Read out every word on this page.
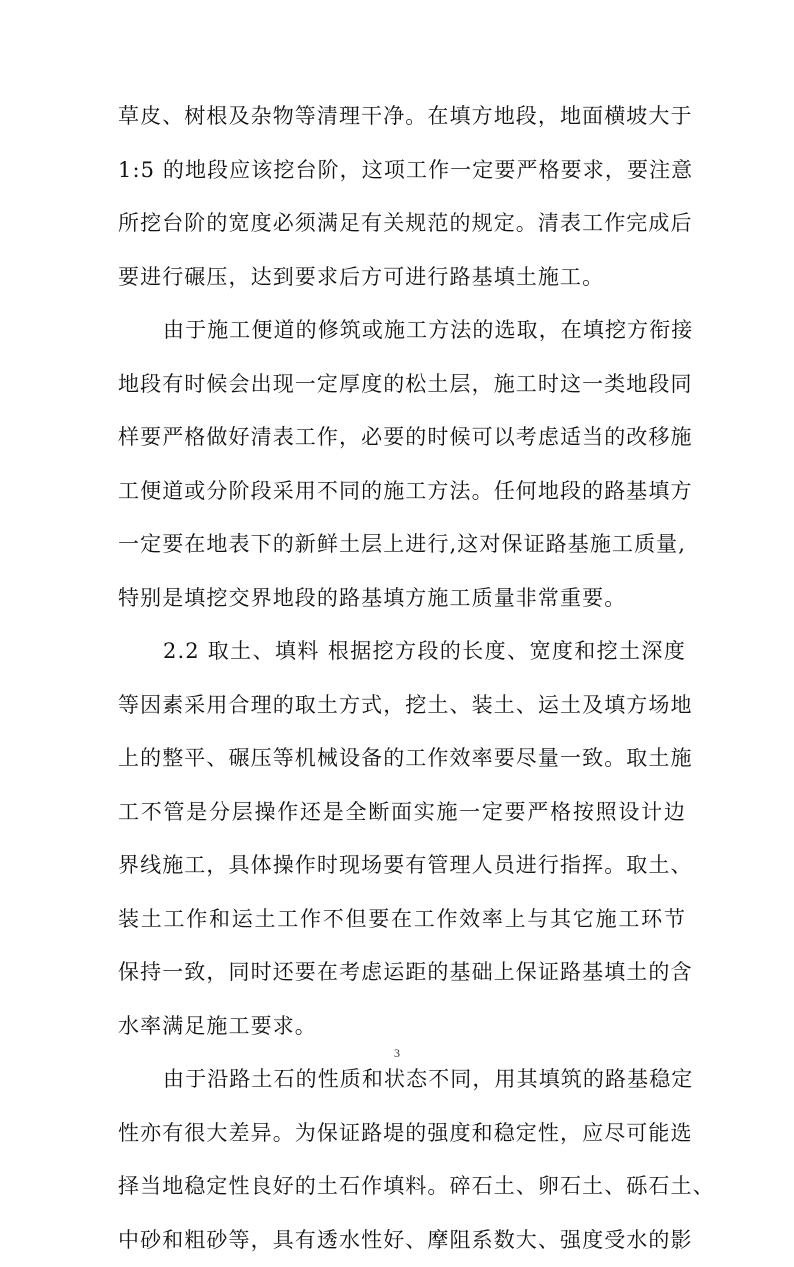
草皮、树根及杂物等清理干净。在填方地段，地面横坡大于
1:5 的地段应该挖台阶，这项工作一定要严格要求，要注意
所挖台阶的宽度必须满足有关规范的规定。清表工作完成后
要进行碾压，达到要求后方可进行路基填土施工。
由于施工便道的修筑或施工方法的选取，在填挖方衔接
地段有时候会出现一定厚度的松土层，施工时这一类地段同
样要严格做好清表工作，必要的时候可以考虑适当的改移施
工便道或分阶段采用不同的施工方法。任何地段的路基填方
一定要在地表下的新鲜土层上进行,这对保证路基施工质量,
特别是填挖交界地段的路基填方施工质量非常重要。
2.2 取土、填料 根据挖方段的长度、宽度和挖土深度
等因素采用合理的取土方式，挖土、装土、运土及填方场地
上的整平、碾压等机械设备的工作效率要尽量一致。取土施
工不管是分层操作还是全断面实施一定要严格按照设计边
界线施工，具体操作时现场要有管理人员进行指挥。取土、
装土工作和运土工作不但要在工作效率上与其它施工环节
保持一致，同时还要在考虑运距的基础上保证路基填土的含
水率满足施工要求。
由于沿路土石的性质和状态不同，用其填筑的路基稳定
性亦有很大差异。为保证路堤的强度和稳定性，应尽可能选
择当地稳定性良好的土石作填料。碎石土、卵石土、砾石土、
中砂和粗砂等，具有透水性好、摩阻系数大、强度受水的影
3
